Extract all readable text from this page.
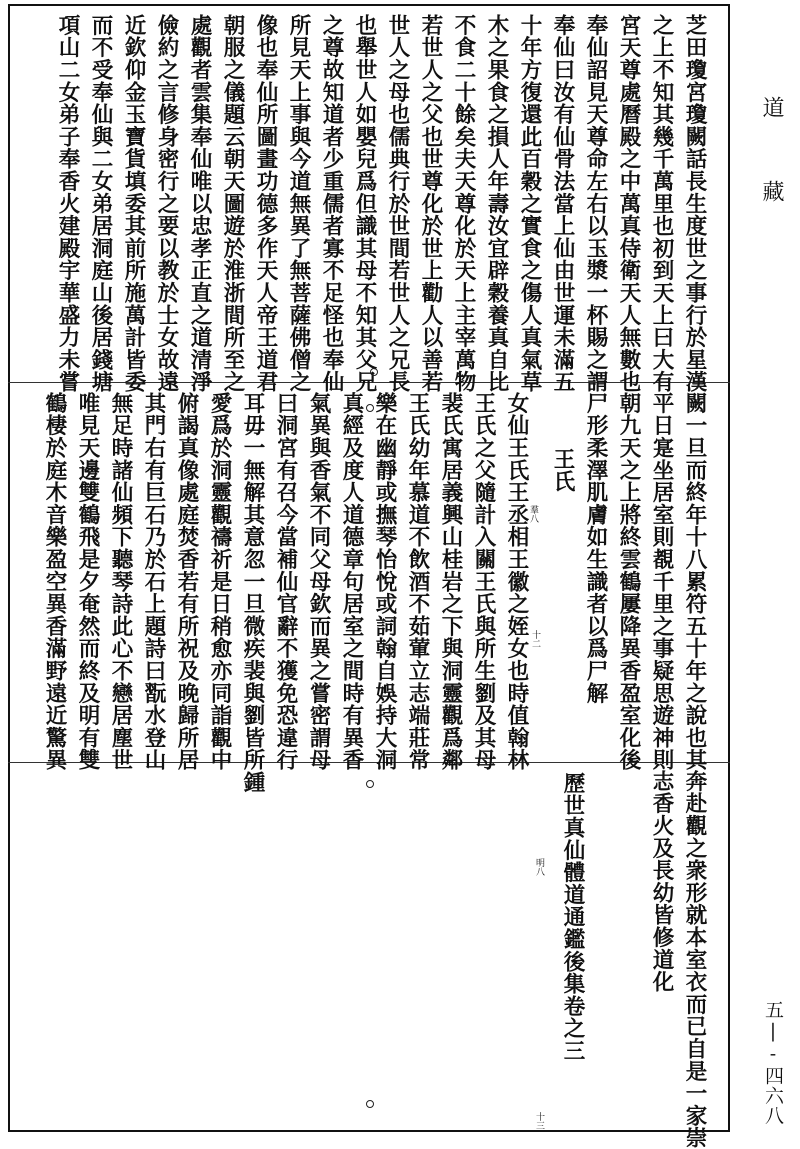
道
藏
五|-四六八
芝田瓊宮瓊闕話長生度世之事行於星漢
之上不知其幾千萬里也初到天上曰大有
宮天尊處曆殿之中萬真侍衛天人無數也
奉仙詔見天尊命左右以玉漿一杯賜之謂
奉仙曰汝有仙骨法當上仙由世運未滿五
十年方復還此百穀之實食之傷人真氣草
木之果食之損人年壽汝宜辟穀養真自比
不食二十餘矣夫天尊化於天上主宰萬物
若世人之父也世尊化於世上勸人以善若
世人之母也儒典行於世間若世人之兄長
也舉世人如嬰兒爲但識其母不知其父兄
之尊故知道者少重儒者寡不足怪也奉仙
所見天上事與今道無異了無菩薩佛僧之
像也奉仙所圖畫功德多作天人帝王道君
朝服之儀題云朝天圖遊於淮浙間所至之
處觀者雲集奉仙唯以忠孝正直之道清淨
儉約之言修身密行之要以教於士女故遠
近欽仰金玉寶貨填委其前所施萬計皆委
而不受奉仙與二女弟居洞庭山後居錢塘
項山二女弟子奉香火建殿宇華盛力未嘗
闕一旦而終年十八累符五十年之說也其
平日寔坐居室則覩千里之事疑思遊神則
朝九天之上將終雲鶴屢降異香盈室化後
尸形柔澤肌膚如生識者以爲尸解
王氏
羣八
十二
女仙王氏王丞相王徽之姪女也時值翰林
王氏之父隨計入關王氏與所生劉及其母
裴氏寓居義興山桂岩之下與洞靈觀爲鄰
王氏幼年慕道不飲酒不茹葷立志端莊常
樂在幽靜或撫琴怡悅或詞翰自娛持大洞
真經及度人道德章句居室之間時有異香
氣異與香氣不同父母欽而異之嘗密謂母
曰洞宮有召今當補仙官辭不獲免恐違行
耳毋一無解其意忽一旦微疾裴與劉皆所鍾
愛爲於洞靈觀禱祈是日稍愈亦同詣觀中
俯謁真像處庭焚香若有所祝及晚歸所居
其門右有巨石乃於石上題詩曰翫水登山
無足時諸仙頻下聽琴詩此心不戀居塵世
唯見天邊雙鶴飛是夕奄然而終及明有雙
鶴棲於庭木音樂盈空異香滿野遠近驚異
奔赴觀之衆形就本室衣而已自是一家崇
志香火及長幼皆修道化
歷世真仙體道通鑑後集卷之三
明八
十三
